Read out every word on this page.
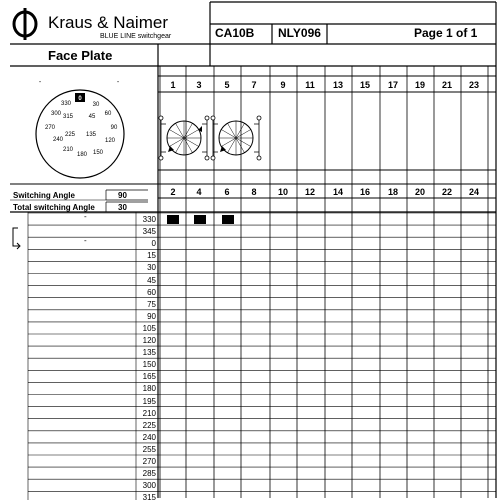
Kraus & Naimer
BLUE LINE switchgear	CA10B NLY096	Page 1 of 1
Face Plate
0
30
60
90
120
150
180
210
240
270
300
330
45
135
225
315
-	-
Switching Angle	90
Total switching Angle	30
1	3	5	7	9	11	13	15	17	19	21	23
2	4	6	8	10	12	14	16	18	20	22	24
-
-
330
345
0
15
30
45
60
75
90
105
120
135
150
165
180
195
210
225
240
255
270
285
300
315
